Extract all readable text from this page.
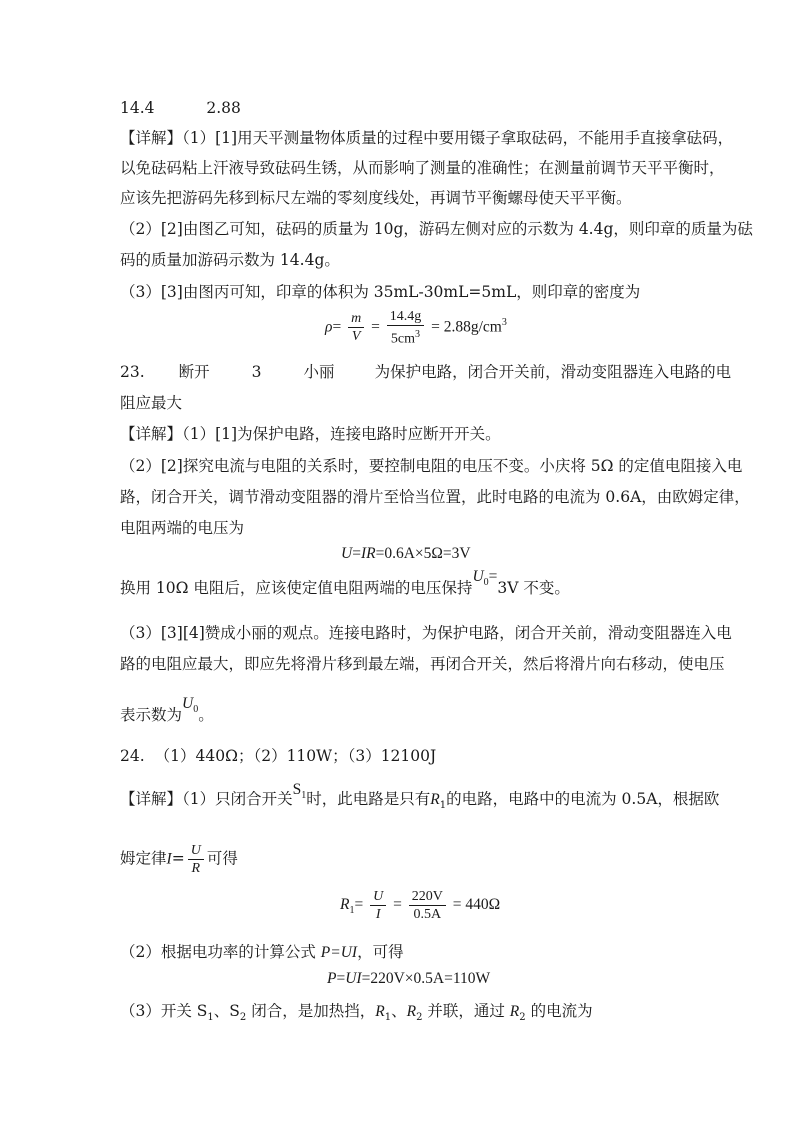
14.4	2.88
【详解】（1）[1]用天平测量物体质量的过程中要用镊子拿取砝码，不能用手直接拿砝码，
以免砝码粘上汗液导致砝码生锈，从而影响了测量的准确性；在测量前调节天平平衡时，
应该先把游码先移到标尺左端的零刻度线处，再调节平衡螺母使天平平衡。
（2）[2]由图乙可知，砝码的质量为 10g，游码左侧对应的示数为 4.4g，则印章的质量为砝
码的质量加游码示数为 14.4g。
（3）[3]由图丙可知，印章的体积为 35mL-30mL=5mL，则印章的密度为
$\rho= \frac{m}{V} = \frac{14.4g}{5cm^3} = 2.88g/cm^3$
23. 断开	3	小丽	为保护电路，闭合开关前，滑动变阻器连入电路的电
阻应最大
【详解】（1）[1]为保护电路，连接电路时应断开开关。
（2）[2]探究电流与电阻的关系时，要控制电阻的电压不变。小庆将 5Ω 的定值电阻接入电
路，闭合开关，调节滑动变阻器的滑片至恰当位置，此时电路的电流为 0.6A，由欧姆定律，
电阻两端的电压为
U=IR=0.6A×5Ω=3V
换用 10Ω 电阻后，应该使定值电阻两端的电压保持$U_0=3V$ 不变。
（3）[3][4]赞成小丽的观点。连接电路时，为保护电路，闭合开关前，滑动变阻器连入电
路的电阻应最大，即应先将滑片移到最左端，再闭合开关，然后将滑片向右移动，使电压
表示数为$U_0$。
24. （1）440Ω；（2）110W；（3）12100J
【详解】（1）只闭合开关$S_1$时，此电路是只有$R_1$的电路，电路中的电流为 0.5A，根据欧
姆定律$I= \frac{U}{R}$ 可得
$R_1= \frac{U}{I} = \frac{220V}{0.5A} = 440\Omega$
（2）根据电功率的计算公式 P=UI，可得
P=UI=220V×0.5A=110W
（3）开关 $S_1$、$S_2$ 闭合，是加热挡，$R_1$、$R_2$ 并联，通过 $R_2$ 的电流为
